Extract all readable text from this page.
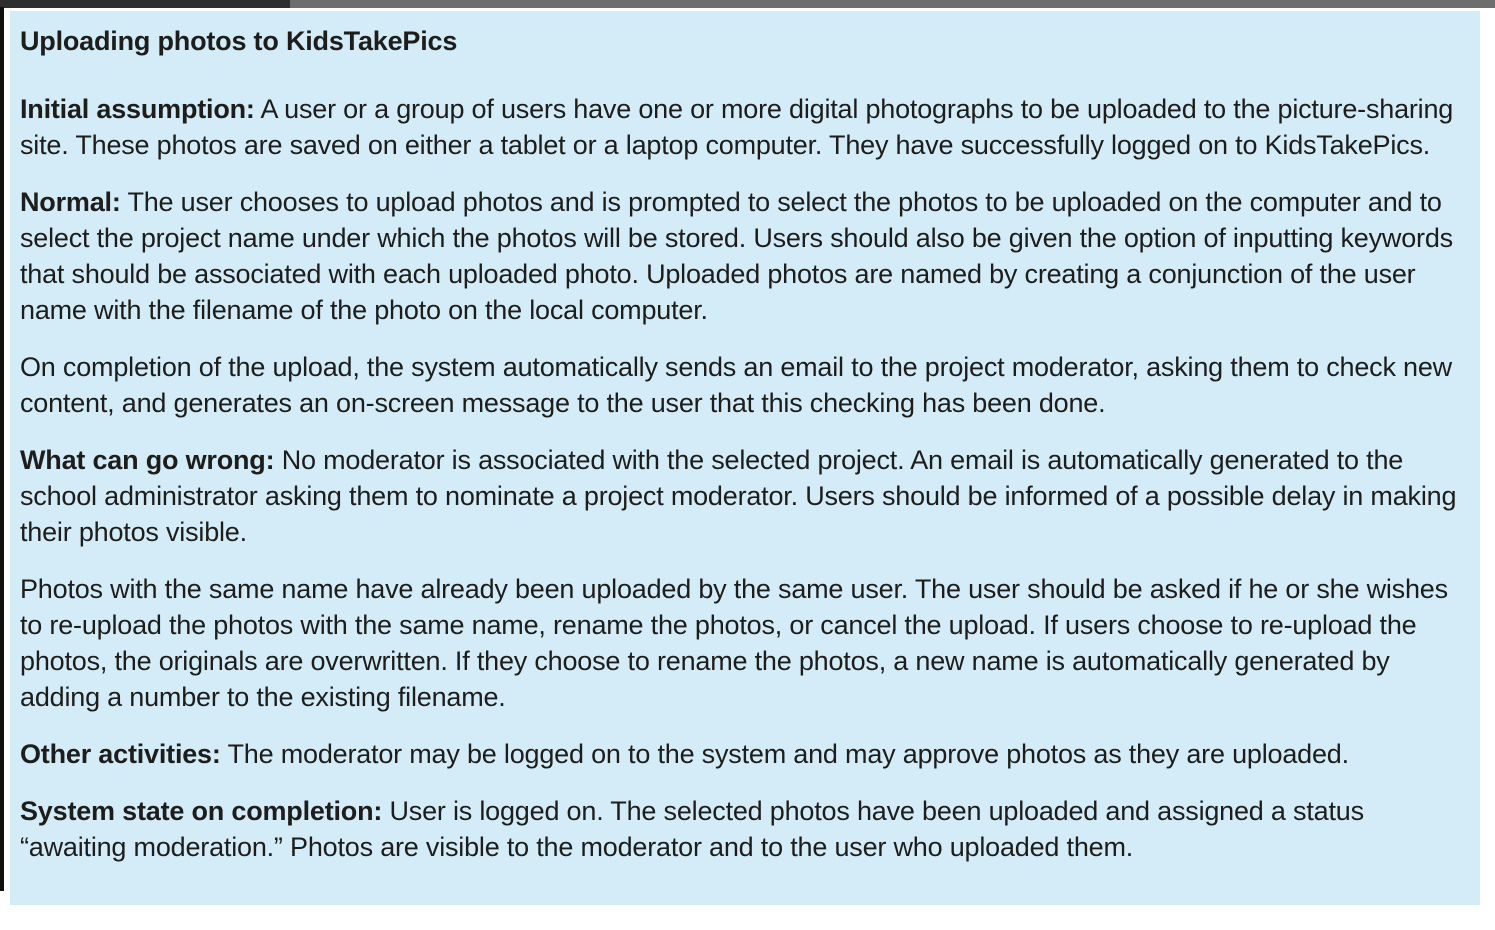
Uploading photos to KidsTakePics
Initial assumption: A user or a group of users have one or more digital photographs to be uploaded to the picture-sharing site. These photos are saved on either a tablet or a laptop computer. They have successfully logged on to KidsTakePics.
Normal: The user chooses to upload photos and is prompted to select the photos to be uploaded on the computer and to select the project name under which the photos will be stored. Users should also be given the option of inputting keywords that should be associated with each uploaded photo. Uploaded photos are named by creating a conjunction of the user name with the filename of the photo on the local computer.
On completion of the upload, the system automatically sends an email to the project moderator, asking them to check new content, and generates an on-screen message to the user that this checking has been done.
What can go wrong: No moderator is associated with the selected project. An email is automatically generated to the school administrator asking them to nominate a project moderator. Users should be informed of a possible delay in making their photos visible.
Photos with the same name have already been uploaded by the same user. The user should be asked if he or she wishes to re-upload the photos with the same name, rename the photos, or cancel the upload. If users choose to re-upload the photos, the originals are overwritten. If they choose to rename the photos, a new name is automatically generated by adding a number to the existing filename.
Other activities: The moderator may be logged on to the system and may approve photos as they are uploaded.
System state on completion: User is logged on. The selected photos have been uploaded and assigned a status “awaiting moderation.” Photos are visible to the moderator and to the user who uploaded them.
